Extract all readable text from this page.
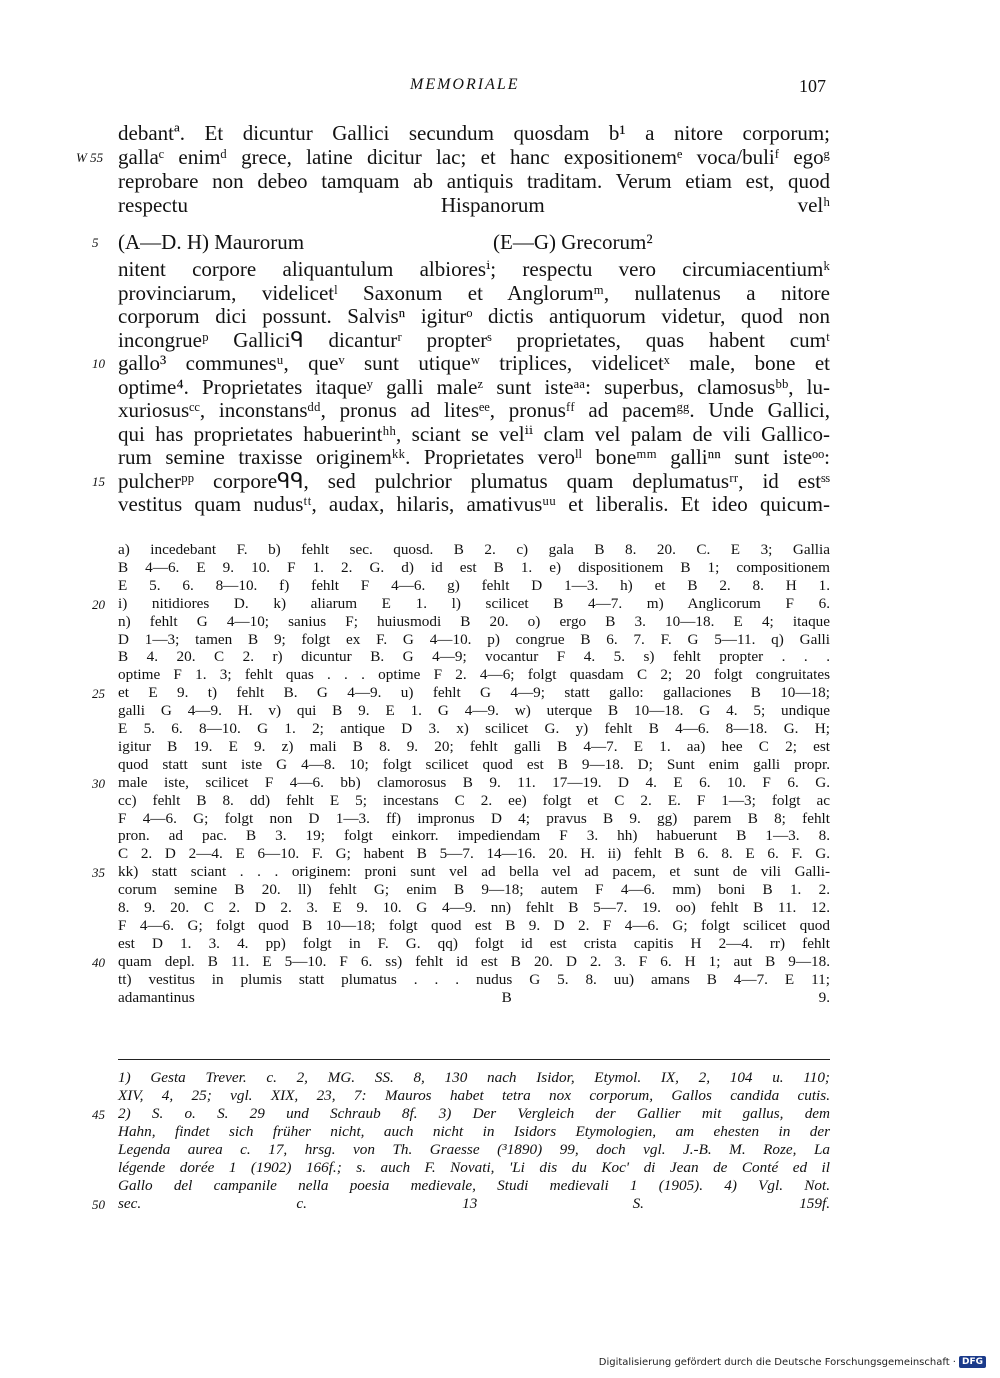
MEMORIALE	107
debantª. Et dicuntur Gallici secundum quosdam b¹ a nitore corporum;
gallaᶜ enimᵈ grece, latine dicitur lac; et hanc expositionemᵉ voca/buliᶠ egoᵍ
W 55
reprobare non debeo tamquam ab antiquis traditam. Verum etiam est, quod
respectu Hispanorum velʰ
(A—D. H) Maurorum	(E—G) Grecorum²
5
nitent corpore aliquantulum albioresⁱ; respectu vero circumiacentiumᵏ
provinciarum, videlicetˡ Saxonum et Anglorumᵐ, nullatenus a nitore
corporum dici possunt. Salvisⁿ igiturᵒ dictis antiquorum videtur, quod non
incongrueᵖ Galliciᑫ dicanturʳ propterˢ proprietates, quas habent cumᵗ
gallo³ communesᵘ, queᵛ sunt utiqueʷ triplices, videlicetˣ male, bone et
10
optime⁴. Proprietates itaqueʸ galli maleᶻ sunt isteᵃᵃ: superbus, clamosusᵇᵇ, lu-
xuriosusᶜᶜ, inconstansᵈᵈ, pronus ad litesᵉᵉ, pronusᶠᶠ ad pacemᵍᵍ. Unde Gallici,
qui has proprietates habuerintʰʰ, sciant se velⁱⁱ clam vel palam de vili Gallico-
rum semine traxisse originemᵏᵏ. Proprietates veroˡˡ boneᵐᵐ galliⁿⁿ sunt isteᵒᵒ:
pulcherᵖᵖ corporeᑫᑫ, sed pulchrior plumatus quam deplumatusʳʳ, id estˢˢ
15
vestitus quam nudusᵗᵗ, audax, hilaris, amativusᵘᵘ et liberalis. Et ideo quicum-
a) incedebant F. b) fehlt sec. quosd. B 2. c) gala B 8. 20. C. E 3; Gallia
B 4—6. E 9. 10. F 1. 2. G. d) id est B 1. e) dispositionem B 1; compositionem
E 5. 6. 8—10. f) fehlt F 4—6. g) fehlt D 1—3. h) et B 2. 8. H 1.
i) nitidiores D. k) aliarum E 1. l) scilicet B 4—7. m) Anglicorum F 6.
20
n) fehlt G 4—10; sanius F; huiusmodi B 20. o) ergo B 3. 10—18. E 4; itaque
D 1—3; tamen B 9; folgt ex F. G 4—10. p) congrue B 6. 7. F. G 5—11. q) Galli
B 4. 20. C 2. r) dicuntur B. G 4—9; vocantur F 4. 5. s) fehlt propter . . .
optime F 1. 3; fehlt quas . . . optime F 2. 4—6; folgt quasdam C 2; 20 folgt congruitates
et E 9. t) fehlt B. G 4—9. u) fehlt G 4—9; statt gallo: gallaciones B 10—18;
25
galli G 4—9. H. v) qui B 9. E 1. G 4—9. w) uterque B 10—18. G 4. 5; undique
E 5. 6. 8—10. G 1. 2; antique D 3. x) scilicet G. y) fehlt B 4—6. 8—18. G. H;
igitur B 19. E 9. z) mali B 8. 9. 20; fehlt galli B 4—7. E 1. aa) hee C 2; est
quod statt sunt iste G 4—8. 10; folgt scilicet quod est B 9—18. D; Sunt enim galli propr.
male iste, scilicet F 4—6. bb) clamorosus B 9. 11. 17—19. D 4. E 6. 10. F 6. G.
30
cc) fehlt B 8. dd) fehlt E 5; incestans C 2. ee) folgt et C 2. E. F 1—3; folgt ac
F 4—6. G; folgt non D 1—3. ff) impronus D 4; pravus B 9. gg) parem B 8; fehlt
pron. ad pac. B 3. 19; folgt einkorr. impediendam F 3. hh) habuerunt B 1—3. 8.
C 2. D 2—4. E 6—10. F. G; habent B 5—7. 14—16. 20. H. ii) fehlt B 6. 8. E 6. F. G.
kk) statt sciant . . . originem: proni sunt vel ad bella vel ad pacem, et sunt de vili Galli-
35
corum semine B 20. ll) fehlt G; enim B 9—18; autem F 4—6. mm) boni B 1. 2.
8. 9. 20. C 2. D 2. 3. E 9. 10. G 4—9. nn) fehlt B 5—7. 19. oo) fehlt B 11. 12.
F 4—6. G; folgt quod B 10—18; folgt quod est B 9. D 2. F 4—6. G; folgt scilicet quod
est D 1. 3. 4. pp) folgt in F. G. qq) folgt id est crista capitis H 2—4. rr) fehlt
quam depl. B 11. E 5—10. F 6. ss) fehlt id est B 20. D 2. 3. F 6. H 1; aut B 9—18.
40
tt) vestitus in plumis statt plumatus . . . nudus G 5. 8. uu) amans B 4—7. E 11;
adamantinus B 9.
1) Gesta Trever. c. 2, MG. SS. 8, 130 nach Isidor, Etymol. IX, 2, 104 u. 110;
XIV, 4, 25; vgl. XIX, 23, 7: Mauros habet tetra nox corporum, Gallos candida cutis.
2) S. o. S. 29 und Schraub 8f. 3) Der Vergleich der Gallier mit gallus, dem
45
Hahn, findet sich früher nicht, auch nicht in Isidors Etymologien, am ehesten in der
Legenda aurea c. 17, hrsg. von Th. Graesse (³1890) 99, doch vgl. J.-B. M. Roze, La
légende dorée 1 (1902) 166f.; s. auch F. Novati, 'Li dis du Koc' di Jean de Conté ed il
Gallo del campanile nella poesia medievale, Studi medievali 1 (1905). 4) Vgl. Not.
sec. c. 13 S. 159f.
50
Digitalisierung gefördert durch die Deutsche Forschungsgemeinschaft · DFG
